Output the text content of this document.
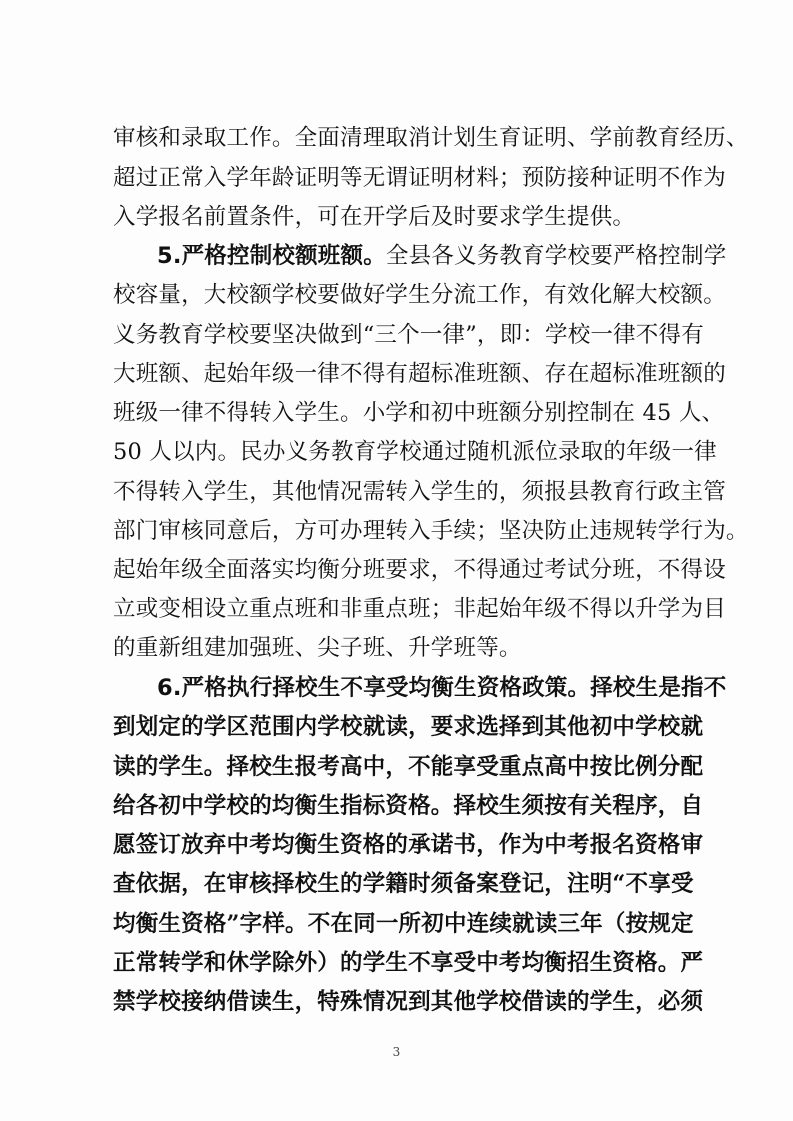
审核和录取工作。全面清理取消计划生育证明、学前教育经历、
超过正常入学年龄证明等无谓证明材料；预防接种证明不作为
入学报名前置条件，可在开学后及时要求学生提供。
5.严格控制校额班额。全县各义务教育学校要严格控制学
校容量，大校额学校要做好学生分流工作，有效化解大校额。
义务教育学校要坚决做到“三个一律”，即：学校一律不得有
大班额、起始年级一律不得有超标准班额、存在超标准班额的
班级一律不得转入学生。小学和初中班额分别控制在 45 人、
50 人以内。民办义务教育学校通过随机派位录取的年级一律
不得转入学生，其他情况需转入学生的，须报县教育行政主管
部门审核同意后，方可办理转入手续；坚决防止违规转学行为。
起始年级全面落实均衡分班要求，不得通过考试分班，不得设
立或变相设立重点班和非重点班；非起始年级不得以升学为目
的重新组建加强班、尖子班、升学班等。
6.严格执行择校生不享受均衡生资格政策。择校生是指不
到划定的学区范围内学校就读，要求选择到其他初中学校就
读的学生。择校生报考高中，不能享受重点高中按比例分配
给各初中学校的均衡生指标资格。择校生须按有关程序，自
愿签订放弃中考均衡生资格的承诺书，作为中考报名资格审
查依据，在审核择校生的学籍时须备案登记，注明“不享受
均衡生资格”字样。不在同一所初中连续就读三年（按规定
正常转学和休学除外）的学生不享受中考均衡招生资格。严
禁学校接纳借读生，特殊情况到其他学校借读的学生，必须
3
